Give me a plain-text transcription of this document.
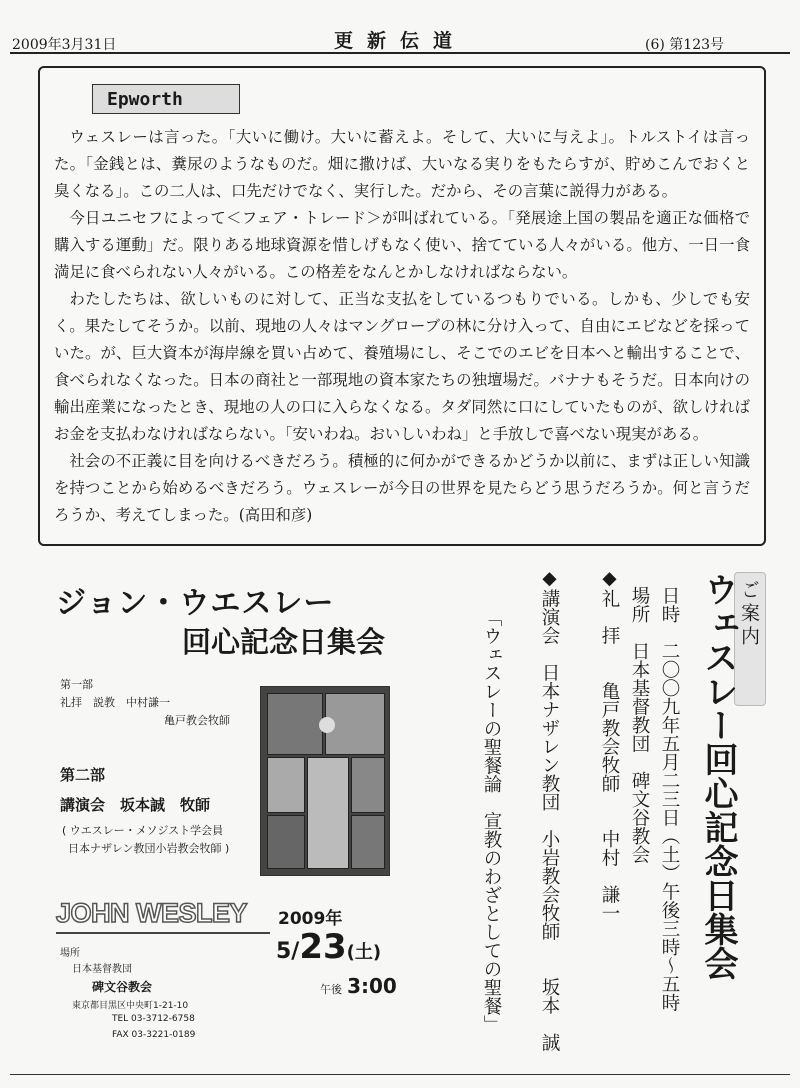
2009年3月31日	更新伝道	(6) 第123号
Epworth

ウェスレーは言った。「大いに働け。大いに蓄えよ。そして、大いに与えよ」。トルストイは言った。「金銭とは、糞尿のようなものだ。畑に撒けば、大いなる実りをもたらすが、貯めこんでおくと臭くなる」。この二人は、口先だけでなく、実行した。だから、その言葉に説得力がある。

今日ユニセフによって＜フェア・トレード＞が叫ばれている。「発展途上国の製品を適正な価格で購入する運動」だ。限りある地球資源を惜しげもなく使い、捨てている人々がいる。他方、一日一食満足に食べられない人々がいる。この格差をなんとかしなければならない。

わたしたちは、欲しいものに対して、正当な支払をしているつもりでいる。しかも、少しでも安く。果たしてそうか。以前、現地の人々はマングローブの林に分け入って、自由にエビなどを採っていた。が、巨大資本が海岸線を買い占めて、養殖場にし、そこでのエビを日本へと輸出することで、食べられなくなった。日本の商社と一部現地の資本家たちの独壇場だ。バナナもそうだ。日本向けの輸出産業になったとき、現地の人の口に入らなくなる。タダ同然に口にしていたものが、欲しければお金を支払わなければならない。「安いわね。おいしいわね」と手放しで喜べない現実がある。

社会の不正義に目を向けるべきだろう。積極的に何かができるかどうか以前に、まずは正しい知識を持つことから始めるべきだろう。ウェスレーが今日の世界を見たらどう思うだろうか。何と言うだろうか、考えてしまった。(高田和彦)

ジョン・ウエスレー
回心記念日集会
第一部
礼拝　説教　中村謙一
亀戸教会牧師
第二部
講演会　坂本誠　牧師
( ウエスレー・メソジスト学会員
日本ナザレン教団小岩教会牧師 )
JOHN WESLEY 2009年
5/23(土)
午後 3:00
場所
日本基督教団
碑文谷教会
東京都目黒区中央町1-21-10
TEL 03-3712-6758
FAX 03-3221-0189
ご案内
ウェスレー回心記念日集会
日時　二〇〇九年五月二三日（土）午後三時～五時
場所　日本基督教団　碑文谷教会
◆礼　拝　　亀戸教会牧師　　中村　謙一
◆講演会　日本ナザレン教団　小岩教会牧師　　坂本　誠
「ウェスレーの聖餐論　宣教のわざとしての聖餐」
